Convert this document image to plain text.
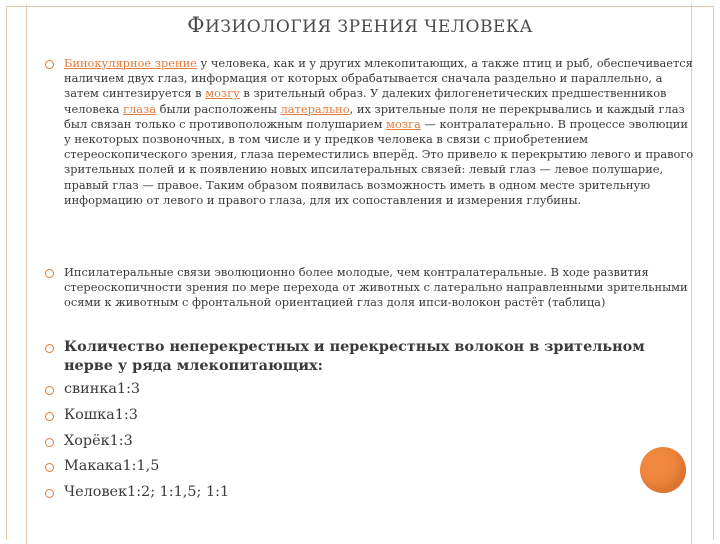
ФИЗИОЛОГИЯ ЗРЕНИЯ ЧЕЛОВЕКА
Бинокулярное зрение у человека, как и у других млекопитающих, а также птиц и рыб, обеспечивается наличием двух глаз, информация от которых обрабатывается сначала раздельно и параллельно, а затем синтезируется в мозгу в зрительный образ. У далеких филогенетических предшественников человека глаза были расположены латерально, их зрительные поля не перекрывались и каждый глаз был связан только с противоположным полушарием мозга — контралатерально. В процессе эволюции у некоторых позвоночных, в том числе и у предков человека в связи с приобретением стереоскопического зрения, глаза переместились вперёд. Это привело к перекрытию левого и правого зрительных полей и к появлению новых ипсилатеральных связей: левый глаз — левое полушарие, правый глаз — правое. Таким образом появилась возможность иметь в одном месте зрительную информацию от левого и правого глаза, для их сопоставления и измерения глубины.
Ипсилатеральные связи эволюционно более молодые, чем контралатеральные. В ходе развития стереоскопичности зрения по мере перехода от животных с латерально направленными зрительными осями к животным с фронтальной ориентацией глаз доля ипси-волокон растёт (таблица)
Количество неперекрестных и перекрестных волокон в зрительном нерве у ряда млекопитающих:
свинка1:3
Кошка1:3
Хорёк1:3
Макака1:1,5
Человек1:2; 1:1,5; 1:1
